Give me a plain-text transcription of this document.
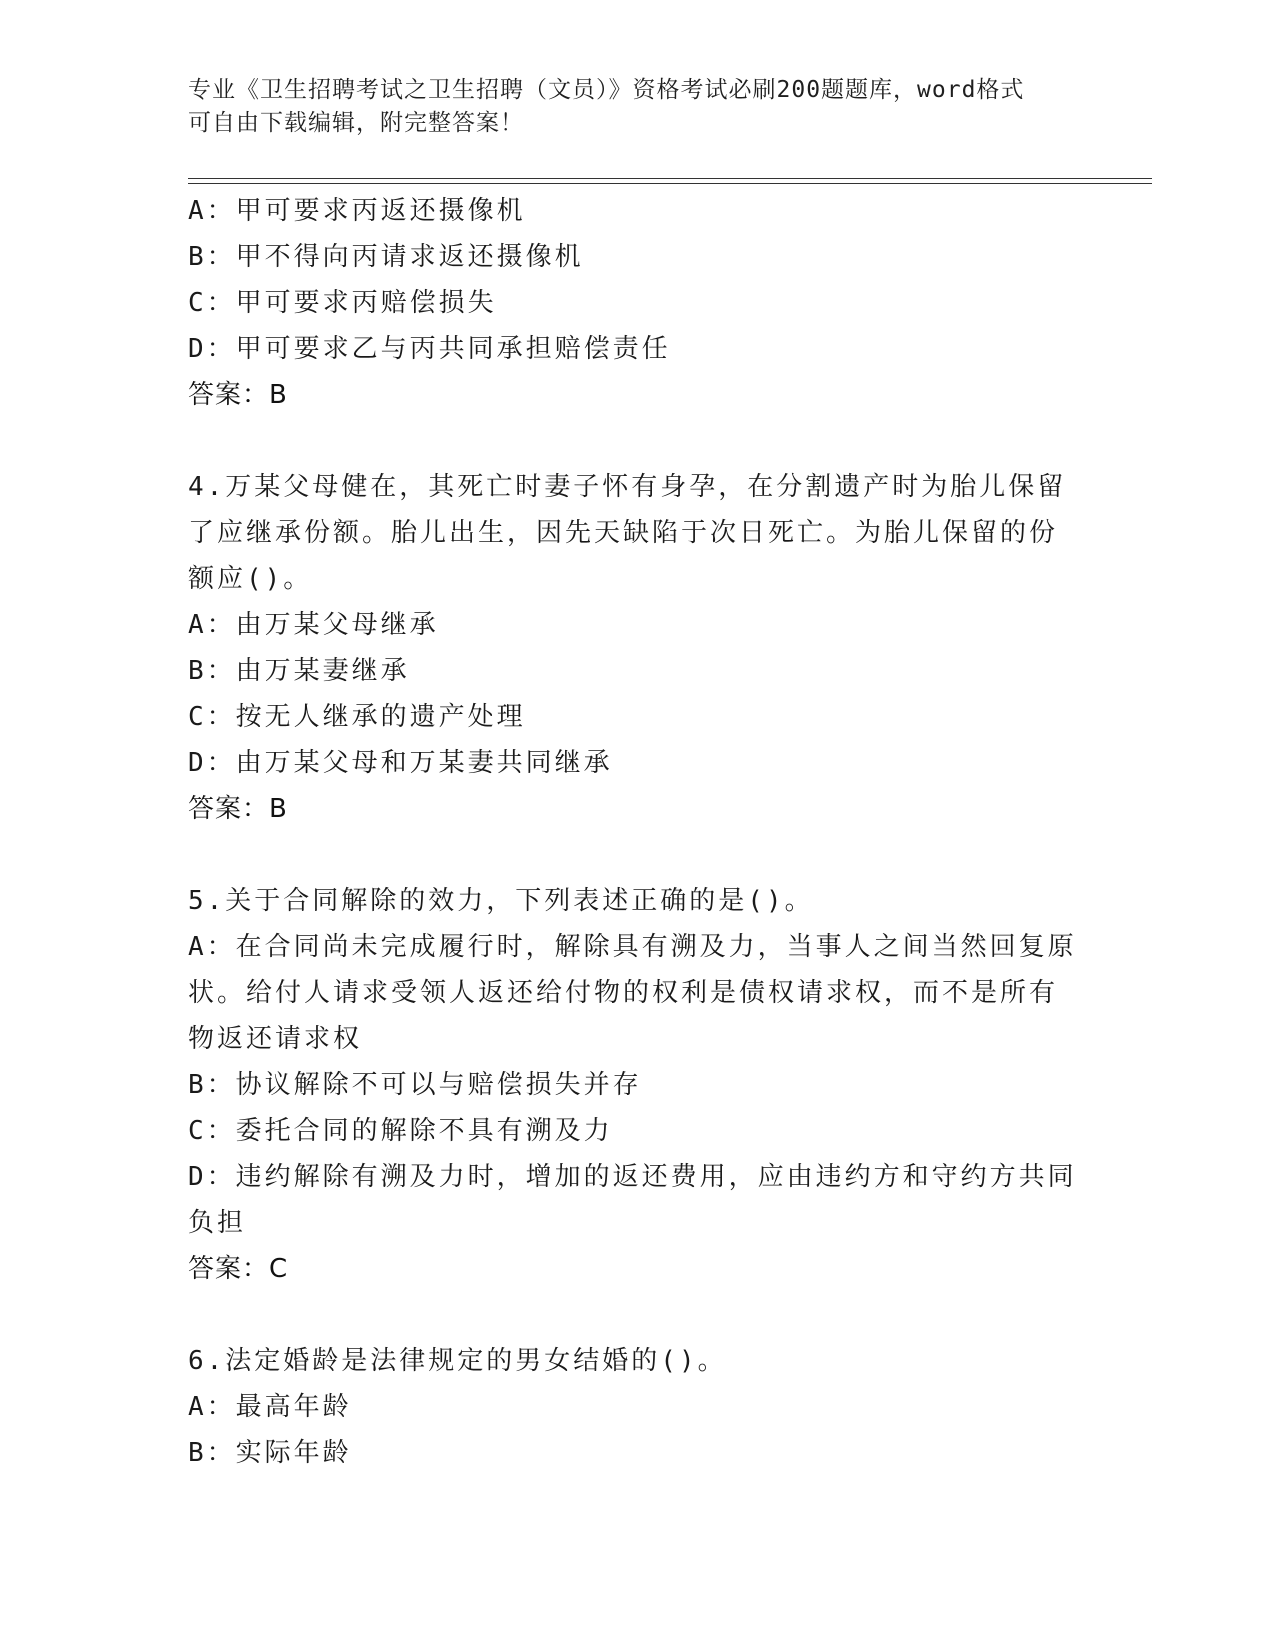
专业《卫生招聘考试之卫生招聘（文员）》资格考试必刷200题题库，word格式
可自由下载编辑，附完整答案！
A：甲可要求丙返还摄像机
B：甲不得向丙请求返还摄像机
C：甲可要求丙赔偿损失
D：甲可要求乙与丙共同承担赔偿责任
答案：B
4.万某父母健在，其死亡时妻子怀有身孕，在分割遗产时为胎儿保留
了应继承份额。胎儿出生，因先天缺陷于次日死亡。为胎儿保留的份
额应()。
A：由万某父母继承
B：由万某妻继承
C：按无人继承的遗产处理
D：由万某父母和万某妻共同继承
答案：B
5.关于合同解除的效力，下列表述正确的是()。
A：在合同尚未完成履行时，解除具有溯及力，当事人之间当然回复原
状。给付人请求受领人返还给付物的权利是债权请求权，而不是所有
物返还请求权
B：协议解除不可以与赔偿损失并存
C：委托合同的解除不具有溯及力
D：违约解除有溯及力时，增加的返还费用，应由违约方和守约方共同
负担
答案：C
6.法定婚龄是法律规定的男女结婚的()。
A：最高年龄
B：实际年龄
